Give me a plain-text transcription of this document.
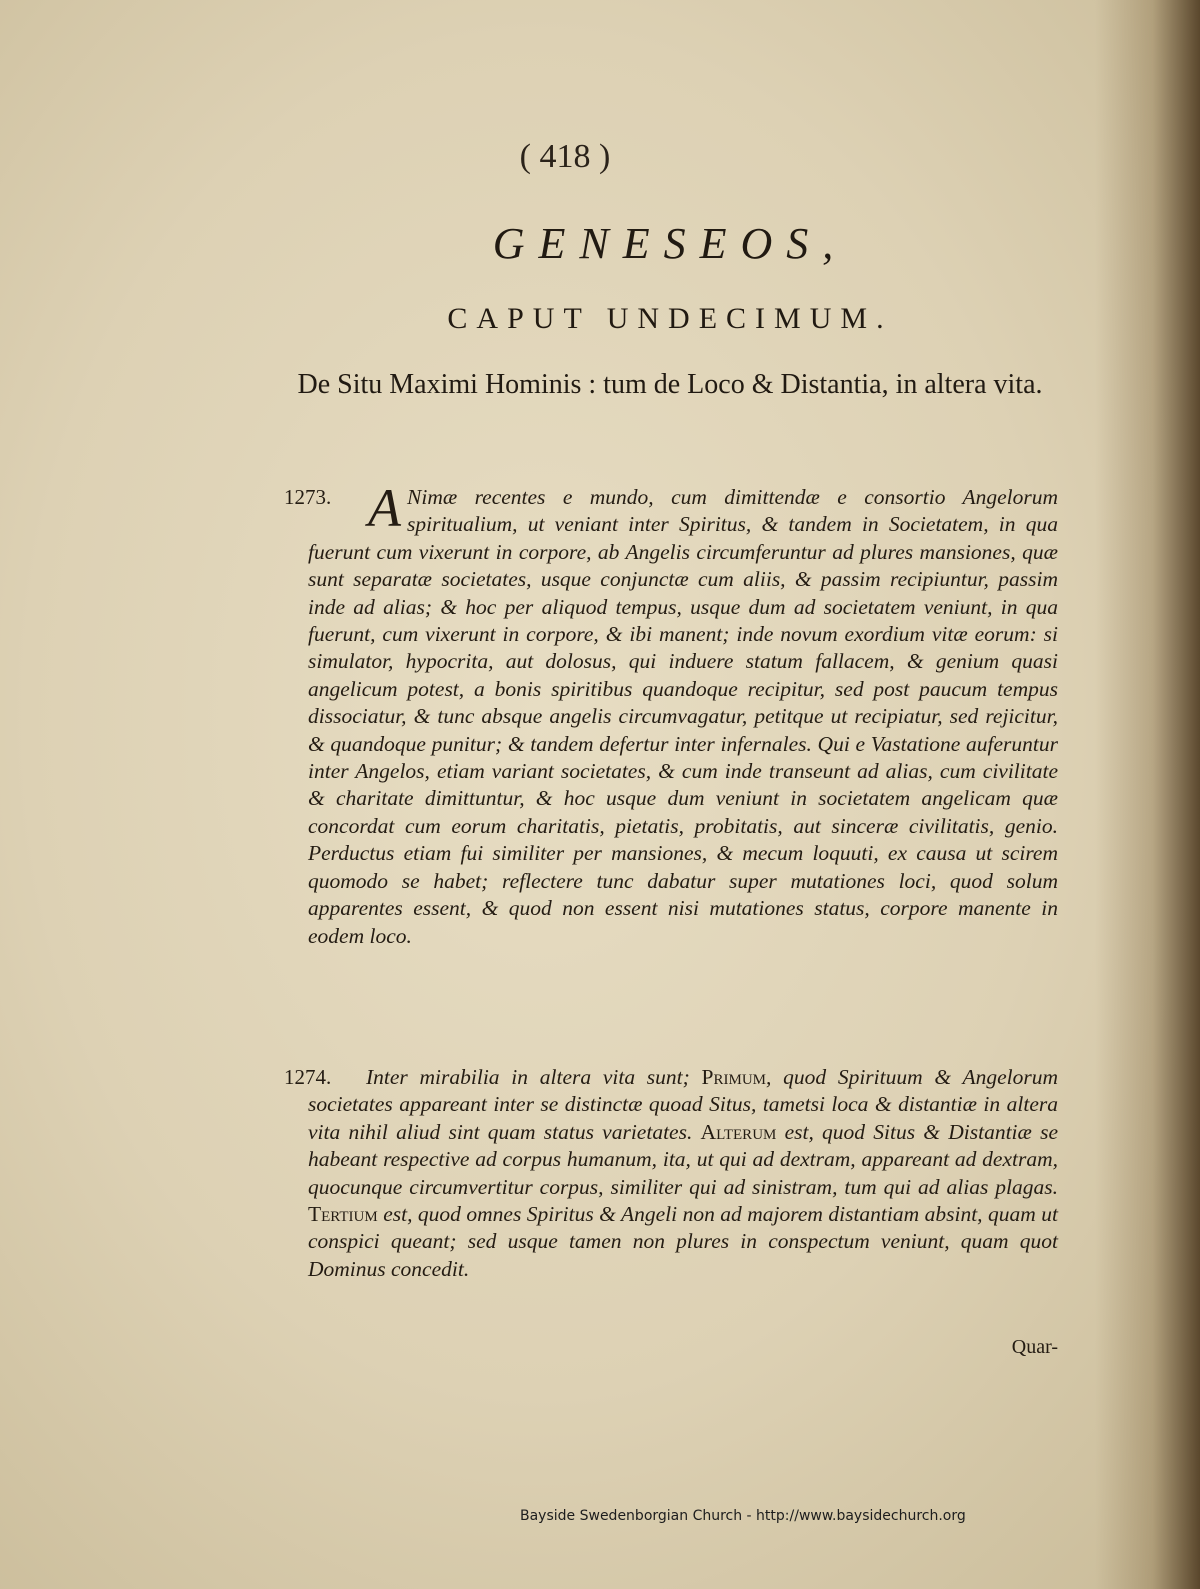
( 418 )
GENESEOS,
CAPUT UNDECIMUM.
De Situ Maximi Hominis : tum de Loco & Distantia, in altera vita.
1273. A Nimæ recentes e mundo, cum dimittendæ e consortio Angelorum spiritualium, ut veniant inter Spiritus, & tandem in Societatem, in qua fuerunt cum vixerunt in corpore, ab Angelis circumferuntur ad plures mansiones, quæ sunt separatæ societates, usque conjunctæ cum aliis, & passim recipiuntur, passim inde ad alias; & hoc per aliquod tempus, usque dum ad societatem veniunt, in qua fuerunt, cum vixerunt in corpore, & ibi manent; inde novum exordium vitæ eorum: si simulator, hypocrita, aut dolosus, qui induere statum fallacem, & genium quasi angelicum potest, a bonis spiritibus quandoque recipitur, sed post paucum tempus dissociatur, & tunc absque angelis circumvagatur, petitque ut recipiatur, sed rejicitur, & quandoque punitur; & tandem defertur inter infernales. Qui e Vastatione auferuntur inter Angelos, etiam variant societates, & cum inde transeunt ad alias, cum civilitate & charitate dimittuntur, & hoc usque dum veniunt in societatem angelicam quæ concordat cum eorum charitatis, pietatis, probitatis, aut sinceræ civilitatis, genio. Perductus etiam fui similiter per mansiones, & mecum loquuti, ex causa ut scirem quomodo se habet; reflectere tunc dabatur super mutationes loci, quod solum apparentes essent, & quod non essent nisi mutationes status, corpore manente in eodem loco.
1274. Inter mirabilia in altera vita sunt; Primum, quod Spirituum & Angelorum societates appareant inter se distinctæ quoad Situs, tametsi loca & distantiæ in altera vita nihil aliud sint quam status varietates. Alterum est, quod Situs & Distantiæ se habeant respective ad corpus humanum, ita, ut qui ad dextram, appareant ad dextram, quocunque circumvertitur corpus, similiter qui ad sinistram, tum qui ad alias plagas. Tertium est, quod omnes Spiritus & Angeli non ad majorem distantiam absint, quam ut conspici queant; sed usque tamen non plures in conspectum veniunt, quam quot Dominus concedit.
Quar-
Bayside Swedenborgian Church - http://www.baysidechurch.org
